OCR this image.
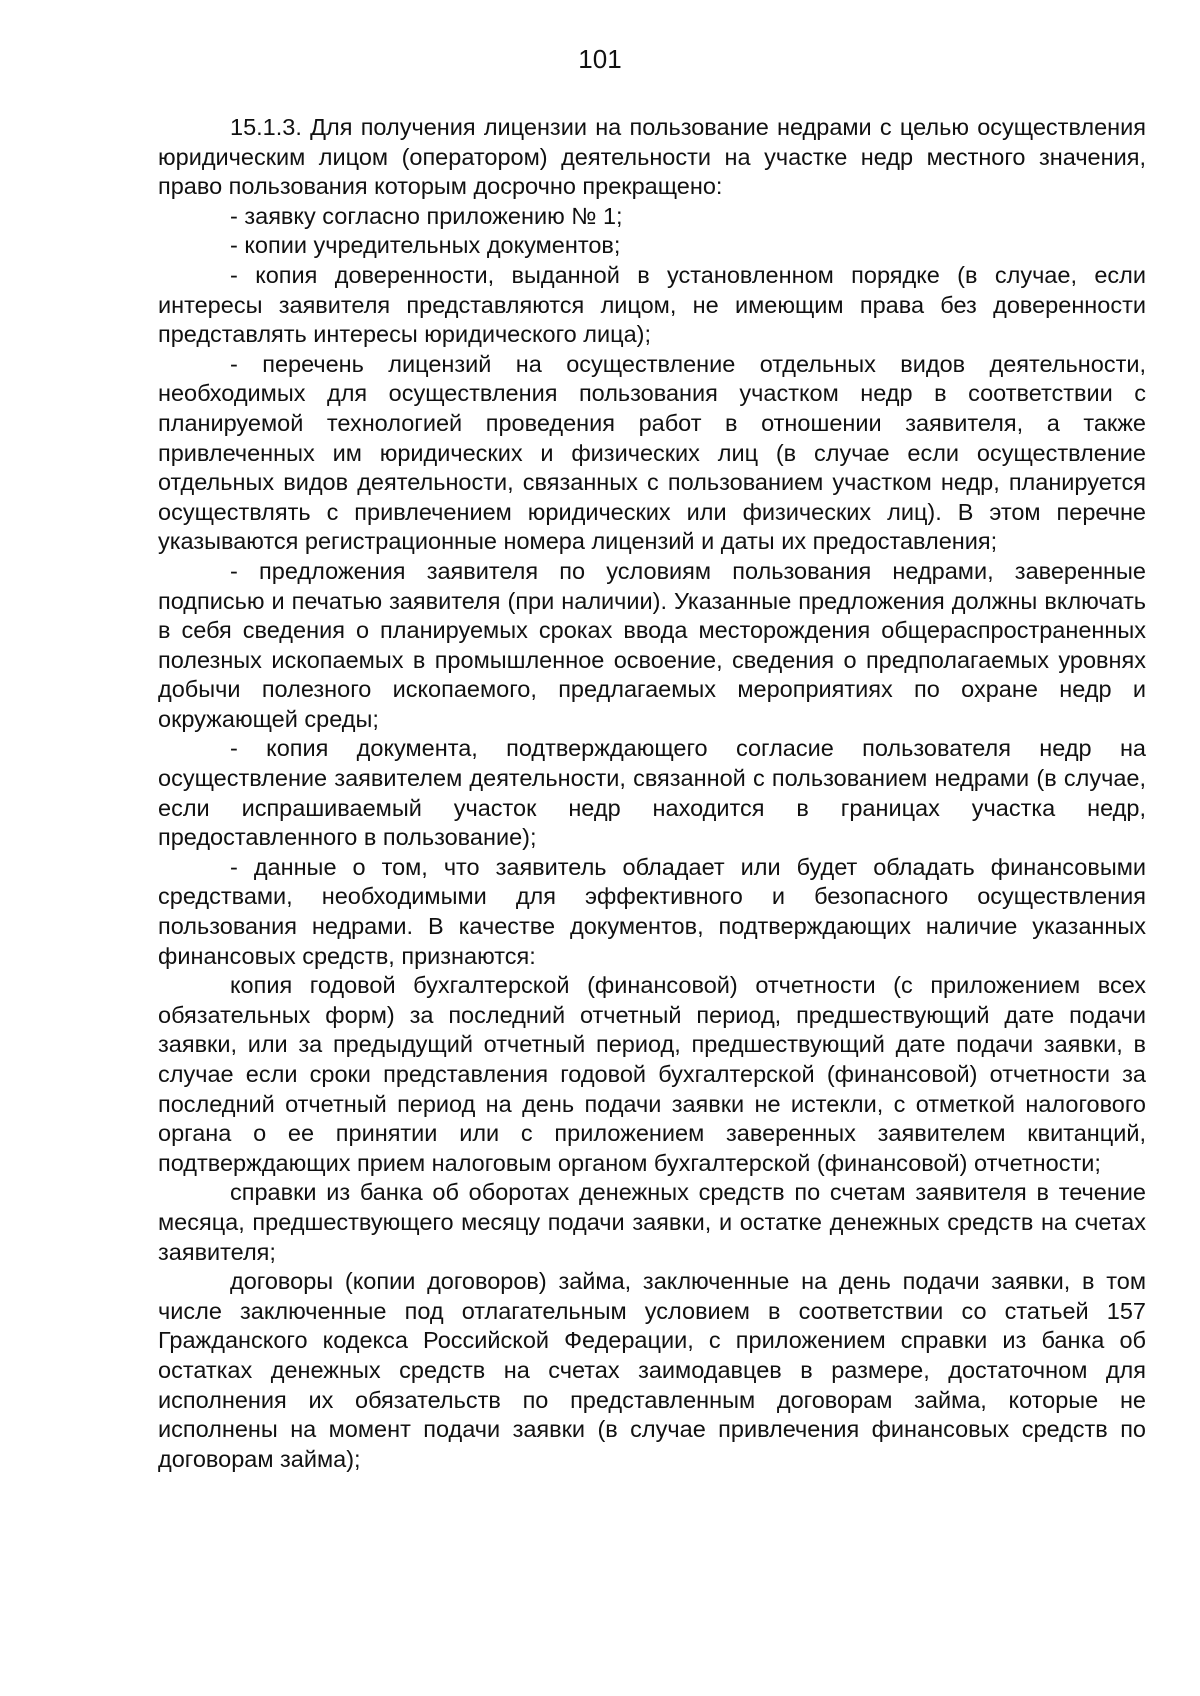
101

15.1.3. Для получения лицензии на пользование недрами с целью осуществления юридическим лицом (оператором) деятельности на участке недр местного значения, право пользования которым досрочно прекращено:

- заявку согласно приложению № 1;

- копии учредительных документов;

- копия доверенности, выданной в установленном порядке (в случае, если интересы заявителя представляются лицом, не имеющим права без доверенности представлять интересы юридического лица);

- перечень лицензий на осуществление отдельных видов деятельности, необходимых для осуществления пользования участком недр в соответствии с планируемой технологией проведения работ в отношении заявителя, а также привлеченных им юридических и физических лиц (в случае если осуществление отдельных видов деятельности, связанных с пользованием участком недр, планируется осуществлять с привлечением юридических или физических лиц). В этом перечне указываются регистрационные номера лицензий и даты их предоставления;

- предложения заявителя по условиям пользования недрами, заверенные подписью и печатью заявителя (при наличии). Указанные предложения должны включать в себя сведения о планируемых сроках ввода месторождения общераспространенных полезных ископаемых в промышленное освоение, сведения о предполагаемых уровнях добычи полезного ископаемого, предлагаемых мероприятиях по охране недр и окружающей среды;

- копия документа, подтверждающего согласие пользователя недр на осуществление заявителем деятельности, связанной с пользованием недрами (в случае, если испрашиваемый участок недр находится в границах участка недр, предоставленного в пользование);

- данные о том, что заявитель обладает или будет обладать финансовыми средствами, необходимыми для эффективного и безопасного осуществления пользования недрами. В качестве документов, подтверждающих наличие указанных финансовых средств, признаются:

копия годовой бухгалтерской (финансовой) отчетности (с приложением всех обязательных форм) за последний отчетный период, предшествующий дате подачи заявки, или за предыдущий отчетный период, предшествующий дате подачи заявки, в случае если сроки представления годовой бухгалтерской (финансовой) отчетности за последний отчетный период на день подачи заявки не истекли, с отметкой налогового органа о ее принятии или с приложением заверенных заявителем квитанций, подтверждающих прием налоговым органом бухгалтерской (финансовой) отчетности;

справки из банка об оборотах денежных средств по счетам заявителя в течение месяца, предшествующего месяцу подачи заявки, и остатке денежных средств на счетах заявителя;

договоры (копии договоров) займа, заключенные на день подачи заявки, в том числе заключенные под отлагательным условием в соответствии со статьей 157 Гражданского кодекса Российской Федерации, с приложением справки из банка об остатках денежных средств на счетах заимодавцев в размере, достаточном для исполнения их обязательств по представленным договорам займа, которые не исполнены на момент подачи заявки (в случае привлечения финансовых средств по договорам займа);
